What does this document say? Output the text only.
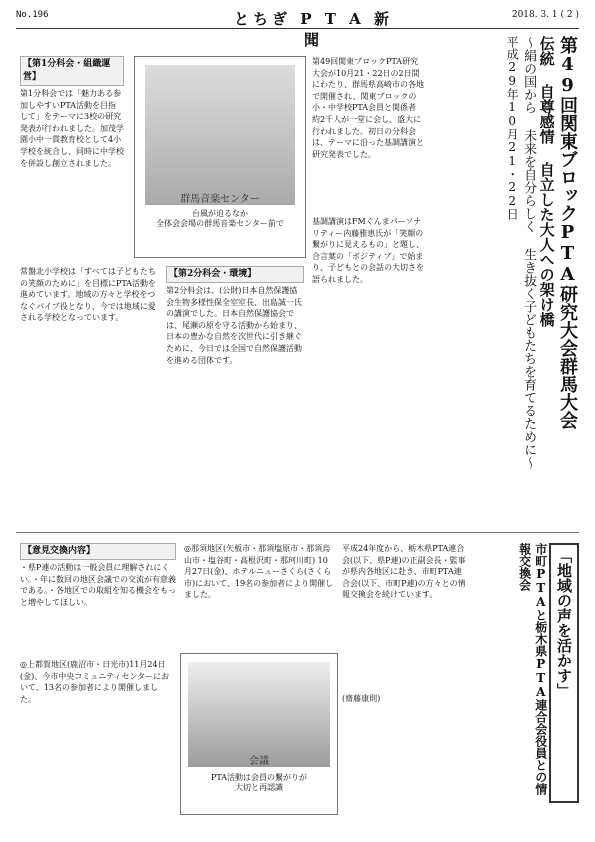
No.196	とちぎ P T A 新聞
2018. 3. 1 ( 2 )
第49回関東ブロックPTA研究大会群馬大会
伝統 自尊感情 自立した大人への架け橋
〜絹の国から 未来を自分らしく 生き抜く子どもたちを育てるために〜
平成29年10月21・22日
第49回関東ブロックPTA研究大会が10月21・22日の2日間にわたり、群馬県高崎市の各地で開催され、関東ブロックの小・中学校PTA会員と関係者約2千人が一堂に会し、盛大に行われました。初日の分科会は、テーマに沿った基調講演と研究発表でした。
群馬音楽センター
台風が迫るなか
全体会会場の群馬音楽センター前で
【第1分科会・組織運営】
第1分科会では「魅力ある参加しやすいPTA活動を目指して」をテーマに3校の研究発表が行われました。加茂学園小中一貫教育校として4小学校を統合し、同時に中学校を併設し創立されました。
基調講演はFMぐんまパーソナリティー内藤雅恵氏が「笑顔の繋がりに見えるもの」と題し、合言葉の「ポジティブ」で始まり、子どもとの会話の大切さを語られました。
常盤北小学校は「すべては子どもたちの笑顔のために」を目標にPTA活動を進めています。地域の方々と学校をつなぐパイプ役となり、今では地域に愛される学校となっています。
【第2分科会・環境】
第2分科会は、(公財)日本自然保護協会生物多様性保全室室長、出島誠一氏の講演でした。日本自然保護協会では、尾瀬の原を守る活動から始まり、日本の豊かな自然を次世代に引き継ぐために、今日では全国で自然保護活動を進める団体です。
「地域の声を活かす」
市町PTAと栃木県PTA連合会役員との情報交換会
平成24年度から、栃木県PTA連合会(以下、県P連)の正副会長・監事が県内各地区に赴き、市町PTA連合会(以下、市町P連)の方々との情報交換会を続けています。
◎那須地区(矢板市・那須塩原市・那須烏山市・塩谷町・高根沢町・那珂川町) 10月27日(金)、ホテルニューさくら(さくら市)において、19名の参加者により開催しました。
【意見交換内容】
・県P連の活動は一般会員に理解されにくい。・年に数回の地区会議での交流が有意義である。・各地区での取組を知る機会をもっと増やしてほしい。
会議
PTA活動は会員の繋がりが
大切と再認識
◎上都賀地区(鹿沼市・日光市)11月24日(金)、今市中央コミュニティセンターにおいて、13名の参加者により開催しました。	(齋藤康則)
